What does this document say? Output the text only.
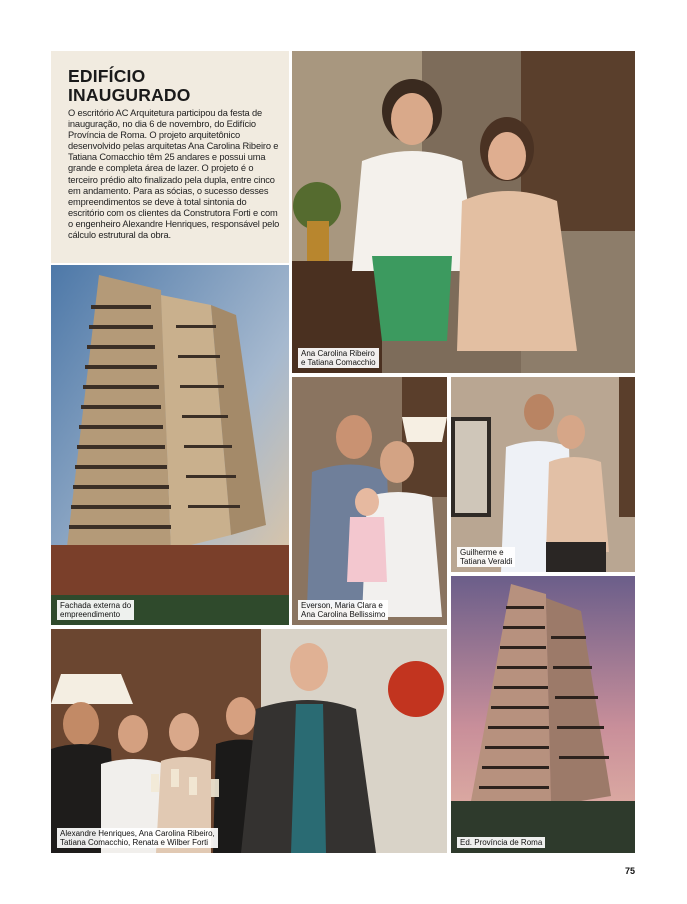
EDIFÍCIO
INAUGURADO

O escritório AC Arquitetura participou da festa de inauguração, no dia 6 de novembro, do Edifício Província de Roma. O projeto arquitetônico desenvolvido pelas arquitetas Ana Carolina Ribeiro e Tatiana Comacchio têm 25 andares e possui uma grande e completa área de lazer. O projeto é o terceiro prédio alto finalizado pela dupla, entre cinco em andamento. Para as sócias, o sucesso desses empreendimentos se deve à total sintonia do escritório com os clientes da Construtora Forti e com o engenheiro Alexandre Henriques, responsável pelo cálculo estrutural da obra.

Ana Carolina Ribeiro
e Tatiana Comacchio
Fachada externa do
empreendimento
Everson, Maria Clara e
Ana Carolina Bellissimo
Guilherme e
Tatiana Veraldi
Alexandre Henriques, Ana Carolina Ribeiro,
Tatiana Comacchio, Renata e Wilber Forti	Ed. Província de Roma
75
